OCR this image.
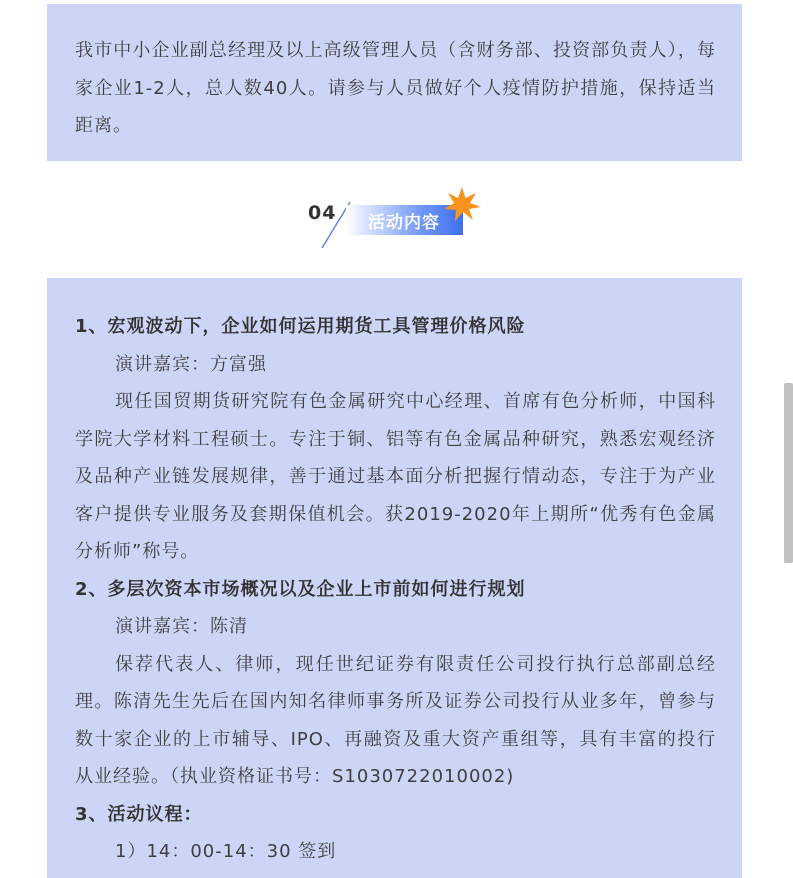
我市中小企业副总经理及以上高级管理人员（含财务部、投资部负责人），每家企业1-2人，总人数40人。请参与人员做好个人疫情防护措施，保持适当距离。

04 活动内容

1、宏观波动下，企业如何运用期货工具管理价格风险

演讲嘉宾：方富强

现任国贸期货研究院有色金属研究中心经理、首席有色分析师，中国科学院大学材料工程硕士。专注于铜、铝等有色金属品种研究，熟悉宏观经济及品种产业链发展规律，善于通过基本面分析把握行情动态，专注于为产业客户提供专业服务及套期保值机会。获2019-2020年上期所“优秀有色金属分析师”称号。

2、多层次资本市场概况以及企业上市前如何进行规划

演讲嘉宾：陈清

保荐代表人、律师，现任世纪证券有限责任公司投行执行总部副总经理。陈清先生先后在国内知名律师事务所及证券公司投行从业多年，曾参与数十家企业的上市辅导、IPO、再融资及重大资产重组等，具有丰富的投行从业经验。（执业资格证书号：S1030722010002)

3、活动议程：

1）14：00-14：30 签到
